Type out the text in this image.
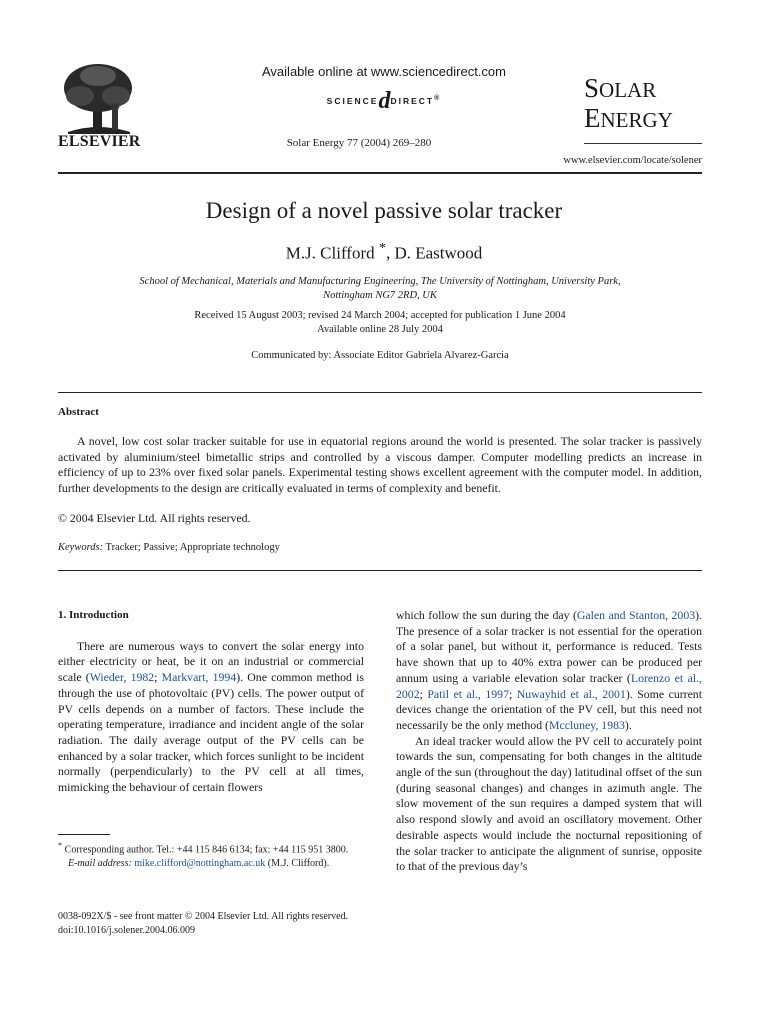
ELSEVIER
Available online at www.sciencedirect.com
SCIENCEdDIRECT®
Solar Energy 77 (2004) 269–280
SOLAR
ENERGY
www.elsevier.com/locate/solener
Design of a novel passive solar tracker
M.J. Clifford *, D. Eastwood
School of Mechanical, Materials and Manufacturing Engineering, The University of Nottingham, University Park,
Nottingham NG7 2RD, UK
Received 15 August 2003; revised 24 March 2004; accepted for publication 1 June 2004
Available online 28 July 2004
Communicated by: Associate Editor Gabriela Alvarez-Garcia
Abstract

A novel, low cost solar tracker suitable for use in equatorial regions around the world is presented. The solar tracker is passively activated by aluminium/steel bimetallic strips and controlled by a viscous damper. Computer modelling predicts an increase in efficiency of up to 23% over fixed solar panels. Experimental testing shows excellent agreement with the computer model. In addition, further developments to the design are critically evaluated in terms of complexity and benefit.

© 2004 Elsevier Ltd. All rights reserved.
Keywords: Tracker; Passive; Appropriate technology

1. Introduction

There are numerous ways to convert the solar energy into either electricity or heat, be it on an industrial or commercial scale (Wieder, 1982; Markvart, 1994). One common method is through the use of photovoltaic (PV) cells. The power output of PV cells depends on a number of factors. These include the operating temperature, irradiance and incident angle of the solar radiation. The daily average output of the PV cells can be enhanced by a solar tracker, which forces sunlight to be incident normally (perpendicularly) to the PV cell at all times, mimicking the behaviour of certain flowers

which follow the sun during the day (Galen and Stanton, 2003). The presence of a solar tracker is not essential for the operation of a solar panel, but without it, performance is reduced. Tests have shown that up to 40% extra power can be produced per annum using a variable elevation solar tracker (Lorenzo et al., 2002; Patil et al., 1997; Nuwayhid et al., 2001). Some current devices change the orientation of the PV cell, but this need not necessarily be the only method (Mccluney, 1983).

An ideal tracker would allow the PV cell to accurately point towards the sun, compensating for both changes in the altitude angle of the sun (throughout the day) latitudinal offset of the sun (during seasonal changes) and changes in azimuth angle. The slow movement of the sun requires a damped system that will also respond slowly and avoid an oscillatory movement. Other desirable aspects would include the nocturnal repositioning of the solar tracker to anticipate the alignment of sunrise, opposite to that of the previous day’s

* Corresponding author. Tel.: +44 115 846 6134; fax: +44 115 951 3800.

E-mail address: mike.clifford@nottingham.ac.uk (M.J. Clifford).

0038-092X/$ - see front matter © 2004 Elsevier Ltd. All rights reserved.
doi:10.1016/j.solener.2004.06.009
